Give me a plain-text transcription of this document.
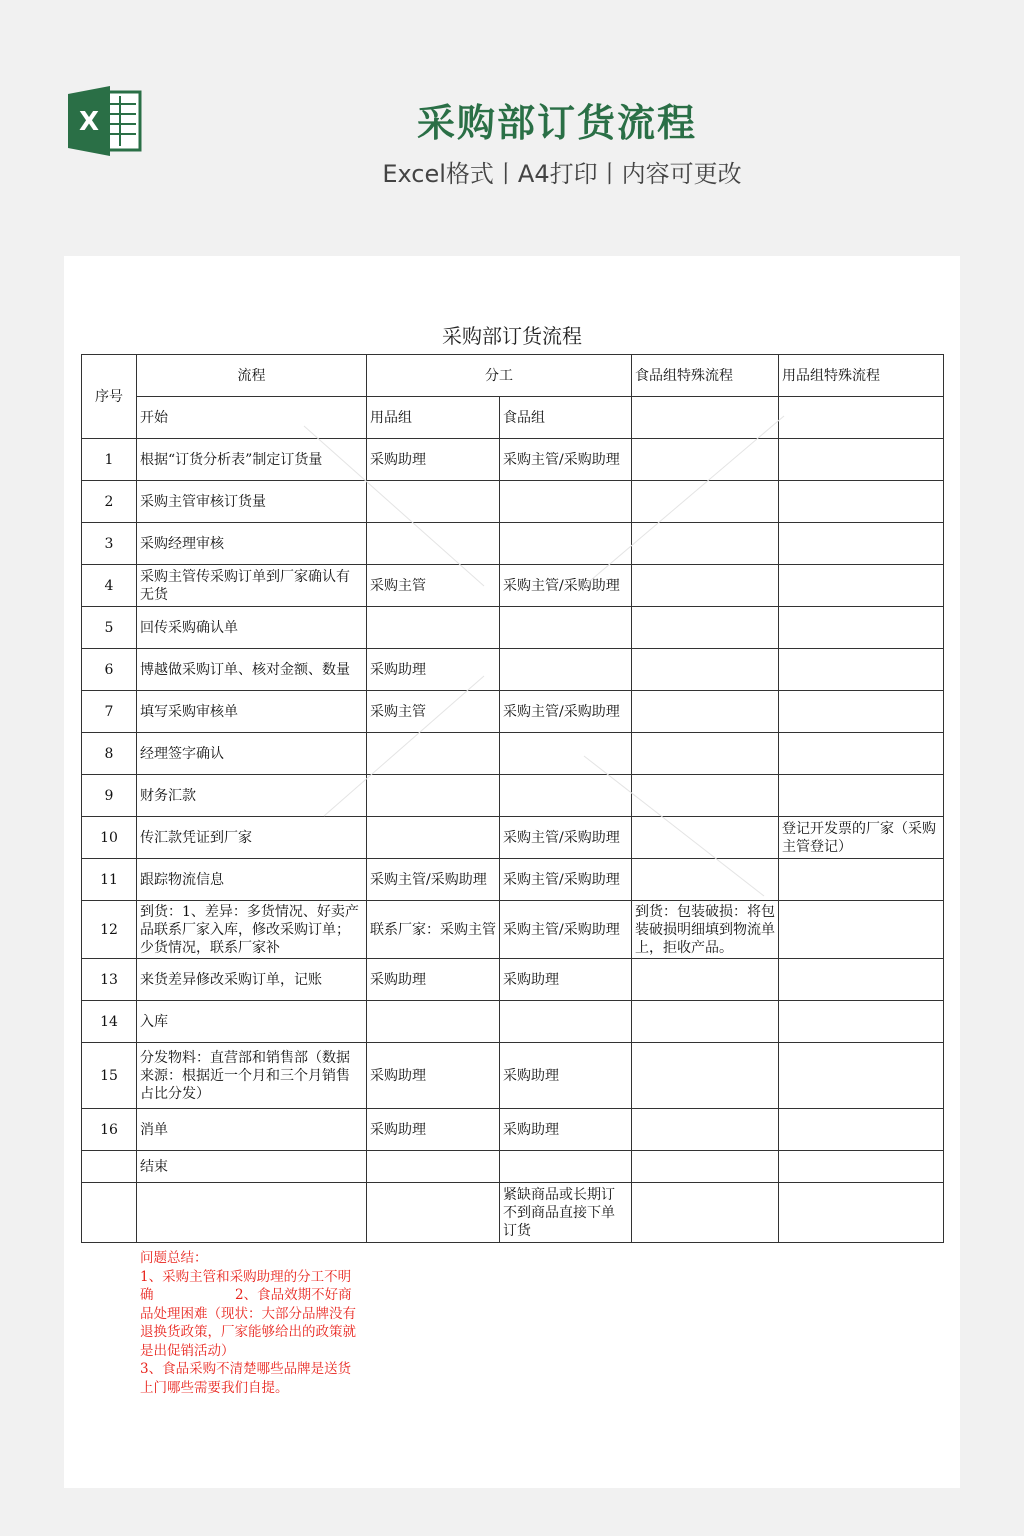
X	采购部订货流程
Excel格式丨A4打印丨内容可更改
采购部订货流程
序号	流程	分工		食品组特殊流程	用品组特殊流程
	开始	用品组	食品组		
1	根据“订货分析表”制定订货量	采购助理	采购主管/采购助理		
2	采购主管审核订货量				
3	采购经理审核				
4	采购主管传采购订单到厂家确认有无货	采购主管	采购主管/采购助理		
5	回传采购确认单				
6	博越做采购订单、核对金额、数量	采购助理			
7	填写采购审核单	采购主管	采购主管/采购助理		
8	经理签字确认				
9	财务汇款				
10	传汇款凭证到厂家		采购主管/采购助理		登记开发票的厂家（采购主管登记）
11	跟踪物流信息	采购主管/采购助理	采购主管/采购助理		
12	到货：1、差异：多货情况、好卖产品联系厂家入库，修改采购订单；少货情况，联系厂家补	联系厂家：采购主管	采购主管/采购助理	到货：包装破损：将包装破损明细填到物流单上，拒收产品。	
13	来货差异修改采购订单，记账	采购助理	采购助理		
14	入库				
15	分发物料：直营部和销售部（数据来源：根据近一个月和三个月销售占比分发）	采购助理	采购助理		
16	消单	采购助理	采购助理		
	结束				
			紧缺商品或长期订不到商品直接下单订货		
问题总结：
1、采购主管和采购助理的分工不明确                   2、食品效期不好商品处理困难（现状：大部分品牌没有退换货政策，厂家能够给出的政策就是出促销活动）
3、食品采购不清楚哪些品牌是送货上门哪些需要我们自提。
